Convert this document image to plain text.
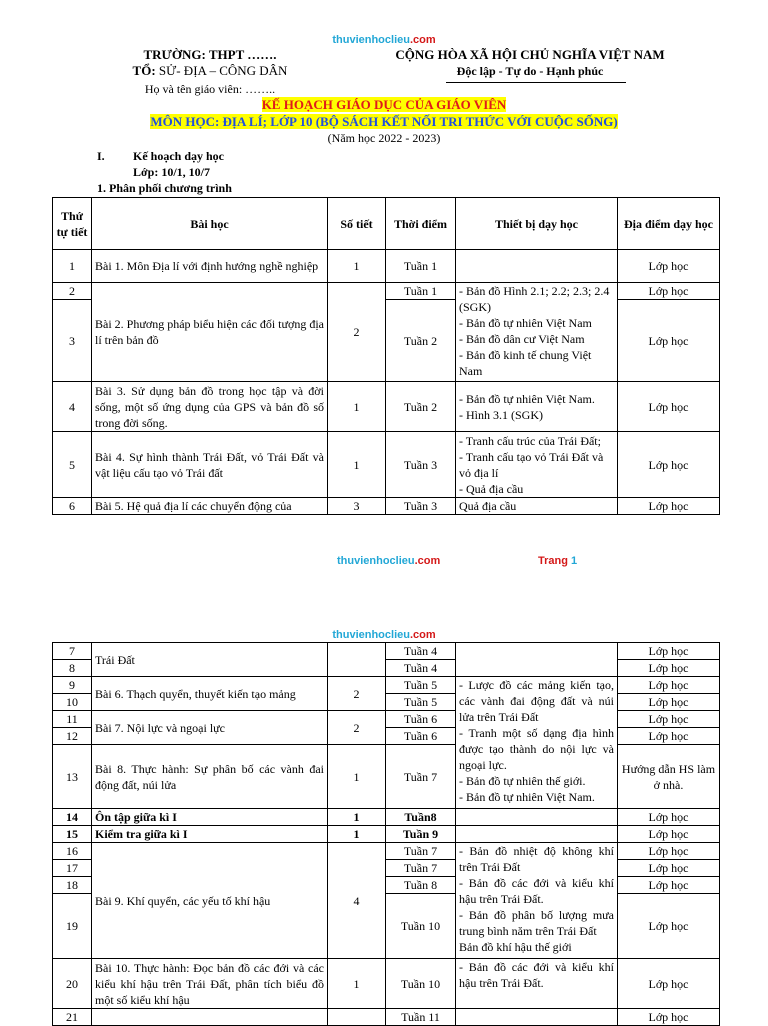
thuvienhoclieu.com
TRƯỜNG: THPT …….
TỔ: SỬ- ĐỊA – CÔNG DÂN
Họ và tên giáo viên: ……..
CỘNG HÒA XÃ HỘI CHỦ NGHĨA VIỆT NAM
Độc lập - Tự do - Hạnh phúc
KẾ HOẠCH GIÁO DỤC CỦA GIÁO VIÊN
MÔN HỌC: ĐỊA LÍ; LỚP 10 (BỘ SÁCH KẾT NỐI TRI THỨC VỚI CUỘC SỐNG)
(Năm học 2022 - 2023)
I. Kế hoạch dạy học
Lớp: 10/1, 10/7
1. Phân phối chương trình
Thứ tự tiết	Bài học	Số tiết	Thời điểm	Thiết bị dạy học	Địa điểm dạy học
1	Bài 1. Môn Địa lí với định hướng nghề nghiệp	1	Tuần 1		Lớp học
2	Bài 2. Phương pháp biểu hiện các đối tượng địa lí trên bản đồ	2	Tuần 1	- Bản đồ Hình 2.1; 2.2; 2.3; 2.4 (SGK)
- Bản đồ tự nhiên Việt Nam
- Bản đồ dân cư Việt Nam
- Bản đồ kinh tế chung Việt Nam	Lớp học
3			Tuần 2		Lớp học
4	Bài 3. Sử dụng bản đồ trong học tập và đời sống, một số ứng dụng của GPS và bản đồ số trong đời sống.	1	Tuần 2	- Bản đồ tự nhiên Việt Nam.
- Hình 3.1 (SGK)	Lớp học
5	Bài 4. Sự hình thành Trái Đất, vỏ Trái Đất và vật liệu cấu tạo vỏ Trái đất	1	Tuần 3	- Tranh cấu trúc của Trái Đất;
- Tranh cấu tạo vỏ Trái Đất và vỏ địa lí
- Quả địa cầu	Lớp học
6	Bài 5. Hệ quả địa lí các chuyển động của	3	Tuần 3	Quả địa cầu	Lớp học
thuvienhoclieu.com	Trang 1
thuvienhoclieu.com
7	Trái Đất		Tuần 4		Lớp học
8			Tuần 4		Lớp học
9	Bài 6. Thạch quyển, thuyết kiến tạo mảng	2	Tuần 5	- Lược đồ các mảng kiến tạo, các vành đai động đất và núi lửa trên Trái Đất
- Tranh một số dạng địa hình được tạo thành do nội lực và ngoại lực.
- Bản đồ tự nhiên thế giới.
- Bản đồ tự nhiên Việt Nam.	Lớp học
10			Tuần 5		Lớp học
11	Bài 7. Nội lực và ngoại lực	2	Tuần 6		Lớp học
12			Tuần 6		Lớp học
13	Bài 8. Thực hành: Sự phân bố các vành đai động đất, núi lửa	1	Tuần 7		Hướng dẫn HS làm ở nhà.
14	Ôn tập giữa kì I	1	Tuần8		Lớp học
15	Kiểm tra giữa kì I	1	Tuần 9		Lớp học
16	Bài 9. Khí quyển, các yếu tố khí hậu	4	Tuần 7	- Bản đồ nhiệt độ không khí trên Trái Đất
- Bản đồ các đới và kiểu khí hậu trên Trái Đất.
- Bản đồ phân bố lượng mưa trung bình năm trên Trái Đất
Bản đồ khí hậu thế giới	Lớp học
17			Tuần 7		Lớp học
18			Tuần 8		Lớp học
19			Tuần 10		Lớp học
20	Bài 10. Thực hành: Đọc bản đồ các đới và các kiểu khí hậu trên Trái Đất, phân tích biểu đồ một số kiểu khí hậu	1	Tuần 10	- Bản đồ các đới và kiểu khí hậu trên Trái Đất.	Lớp học
21			Tuần 11		Lớp học
